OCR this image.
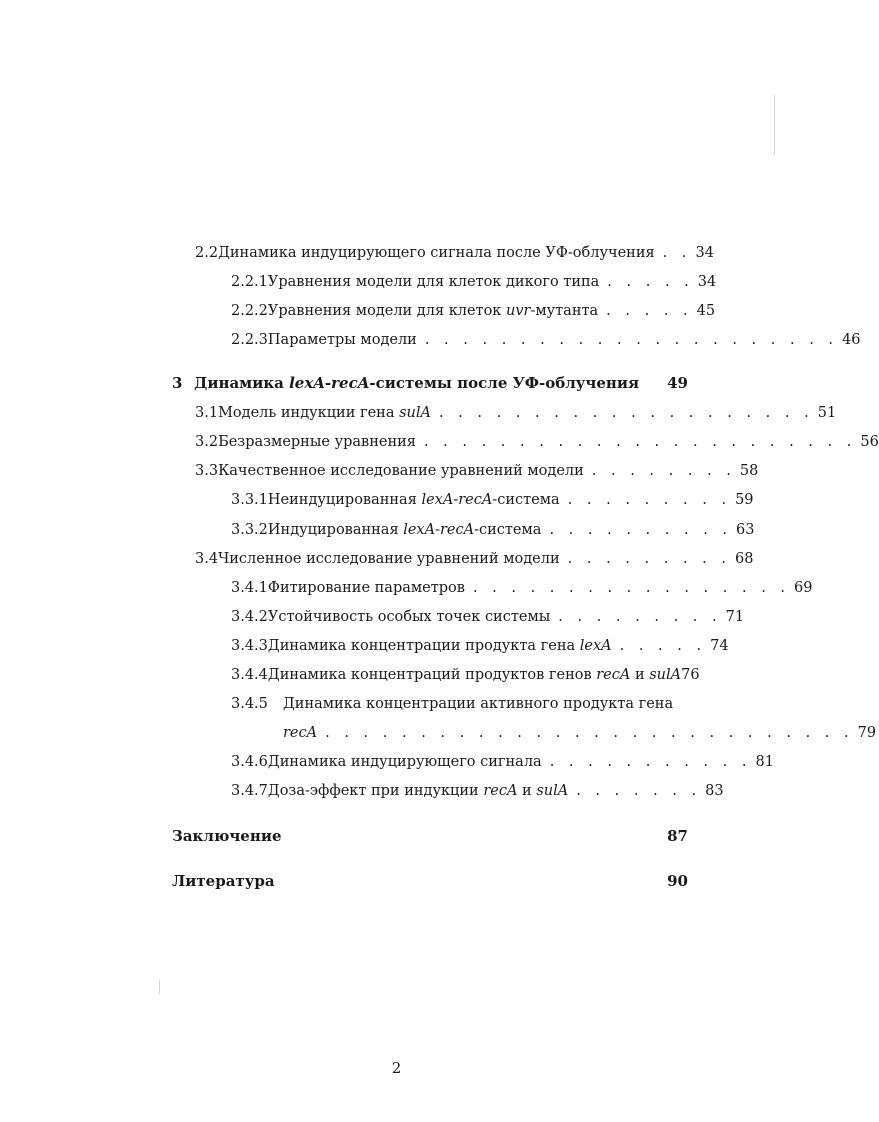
2.2 Динамика индуцирующего сигнала после УФ-облучения . . 34
2.2.1 Уравнения модели для клеток дикого типа . . . . . 34
2.2.2 Уравнения модели для клеток uvr-мутанта . . . . . 45
2.2.3 Параметры модели . . . . . . . . . . . . . . . . . . . . . . 46
3 Динамика lexA-recA-системы после УФ-облучения 49
3.1 Модель индукции гена sulA . . . . . . . . . . . . . . . . . . . . 51
3.2 Безразмерные уравнения . . . . . . . . . . . . . . . . . . . . . . . 56
3.3 Качественное исследование уравнений модели . . . . . . . . 58
3.3.1 Неиндуцированная lexA-recA-система . . . . . . . . . 59
3.3.2 Индуцированная lexA-recA-система . . . . . . . . . . 63
3.4 Численное исследование уравнений модели . . . . . . . . . 68
3.4.1 Фитирование параметров . . . . . . . . . . . . . . . . . 69
3.4.2 Устойчивость особых точек системы . . . . . . . . . 71
3.4.3 Динамика концентрации продукта гена lexA . . . . . 74
3.4.4 Динамика концентраций продуктов генов recA и sulA 76
3.4.5	Динамика концентрации активного продукта гена
recA . . . . . . . . . . . . . . . . . . . . . . . . . . . . 79
3.4.6 Динамика индуцирующего сигнала . . . . . . . . . . . 81
3.4.7 Доза-эффект при индукции recA и sulA . . . . . . . 83
Заключение	87
Литература	90
2
